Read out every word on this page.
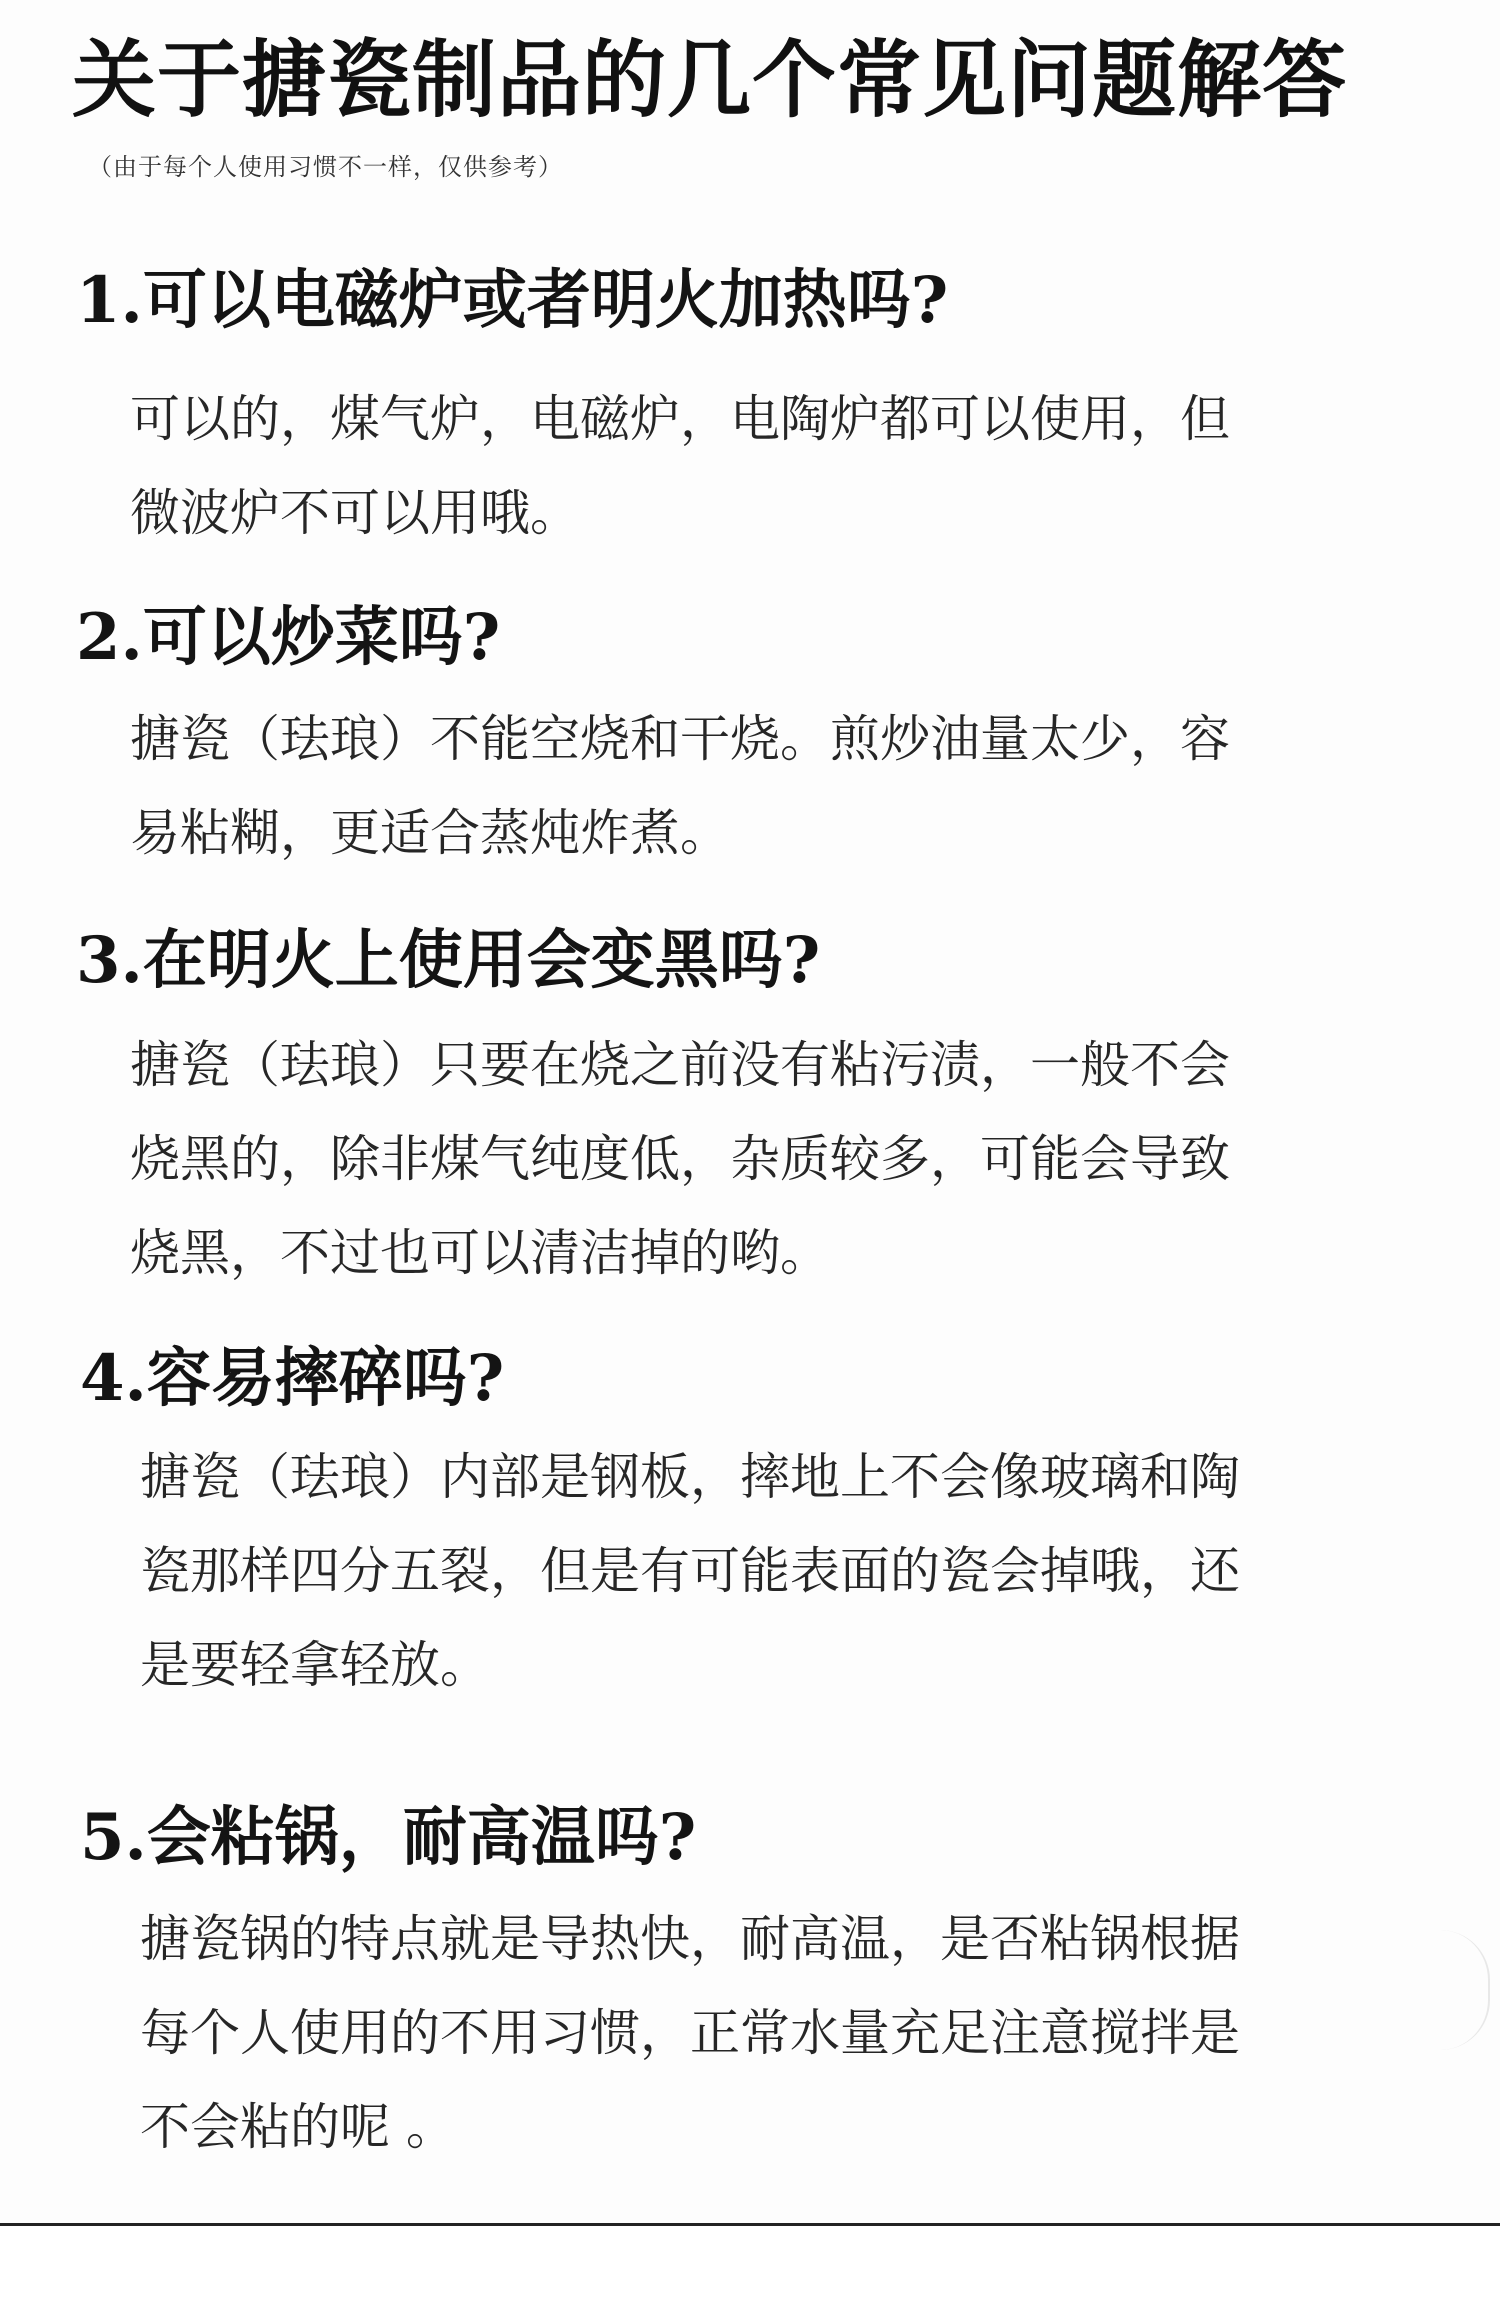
关于搪瓷制品的几个常见问题解答
（由于每个人使用习惯不一样，仅供参考）
1.可以电磁炉或者明火加热吗?
可以的，煤气炉，电磁炉，电陶炉都可以使用，但
微波炉不可以用哦。
2.可以炒菜吗?
搪瓷（珐琅）不能空烧和干烧。煎炒油量太少，容
易粘糊，更适合蒸炖炸煮。
3.在明火上使用会变黑吗?
搪瓷（珐琅）只要在烧之前没有粘污渍，一般不会
烧黑的，除非煤气纯度低，杂质较多，可能会导致
烧黑，不过也可以清洁掉的哟。
4.容易摔碎吗?
搪瓷（珐琅）内部是钢板，摔地上不会像玻璃和陶
瓷那样四分五裂，但是有可能表面的瓷会掉哦，还
是要轻拿轻放。
5.会粘锅，耐高温吗?
搪瓷锅的特点就是导热快，耐高温，是否粘锅根据
每个人使用的不用习惯，正常水量充足注意搅拌是
不会粘的呢 。
